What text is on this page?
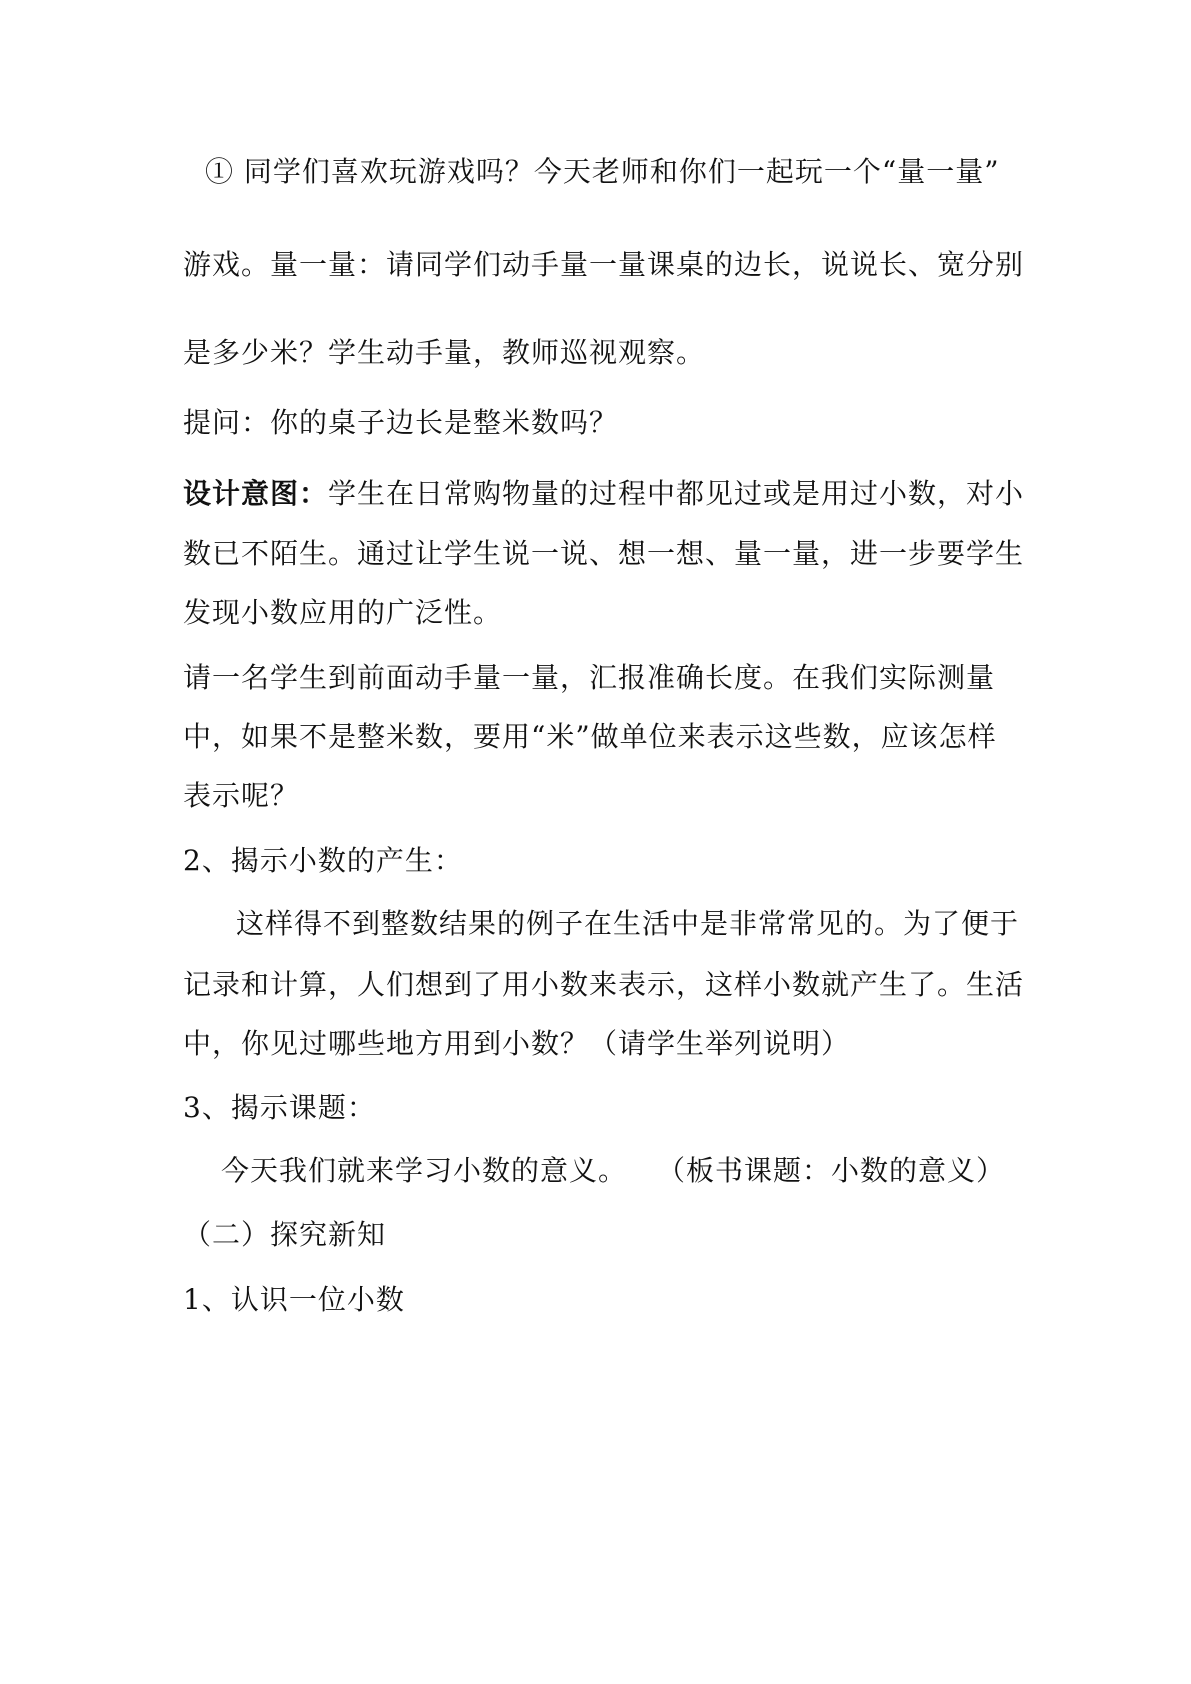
① 同学们喜欢玩游戏吗？今天老师和你们一起玩一个“量一量”

游戏。量一量：请同学们动手量一量课桌的边长，说说长、宽分别

是多少米？学生动手量，教师巡视观察。

提问：你的桌子边长是整米数吗？

设计意图：学生在日常购物量的过程中都见过或是用过小数，对小

数已不陌生。通过让学生说一说、想一想、量一量，进一步要学生

发现小数应用的广泛性。

请一名学生到前面动手量一量，汇报准确长度。在我们实际测量

中，如果不是整米数，要用“米”做单位来表示这些数，应该怎样

表示呢？

2、揭示小数的产生：

这样得不到整数结果的例子在生活中是非常常见的。为了便于

记录和计算，人们想到了用小数来表示，这样小数就产生了。生活

中，你见过哪些地方用到小数？（请学生举列说明）

3、揭示课题：

今天我们就来学习小数的意义。　　（板书课题：小数的意义）

（二）探究新知

1、认识一位小数
